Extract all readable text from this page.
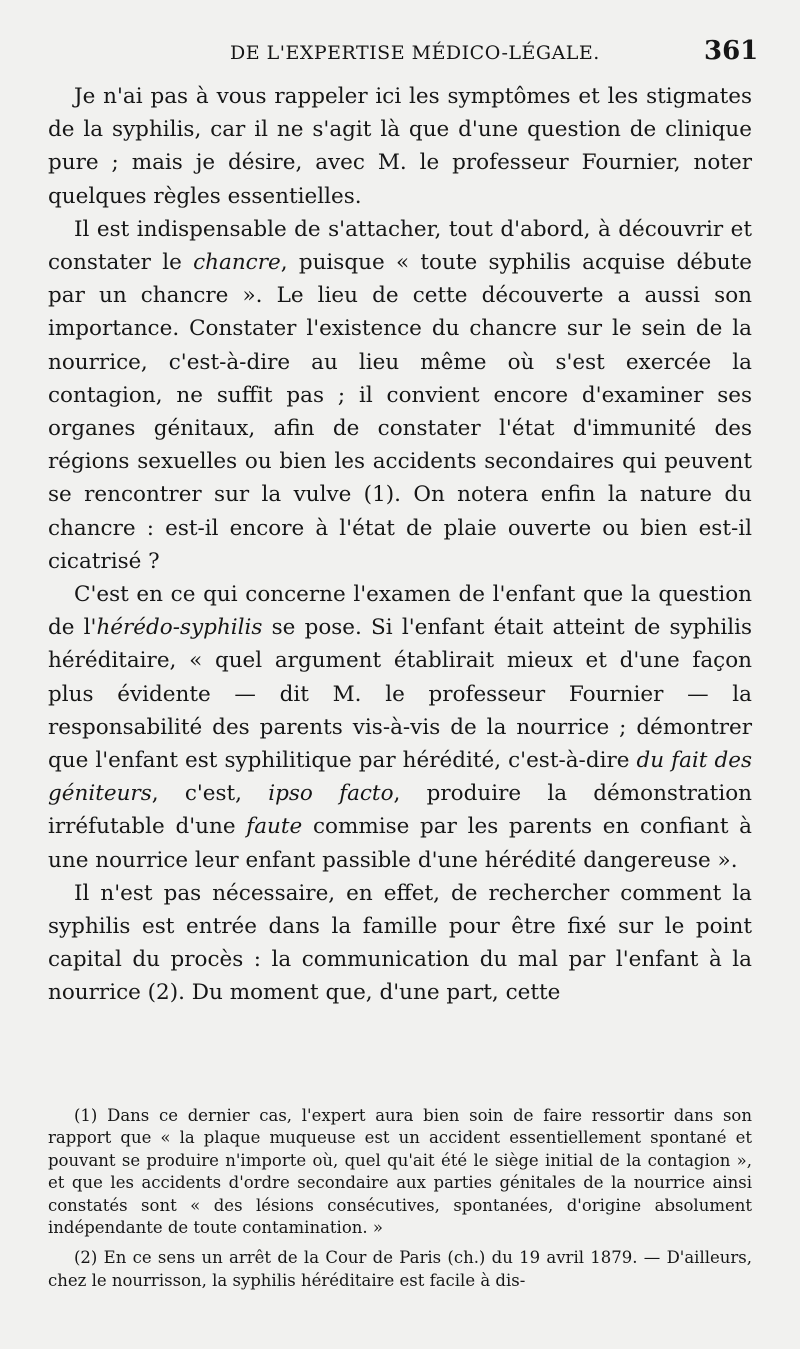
DE L'EXPERTISE MÉDICO-LÉGALE.	361

Je n'ai pas à vous rappeler ici les symptômes et les stigmates de la syphilis, car il ne s'agit là que d'une question de clinique pure ; mais je désire, avec M. le professeur Fournier, noter quelques règles essentielles.

Il est indispensable de s'attacher, tout d'abord, à découvrir et constater le chancre, puisque « toute syphilis acquise débute par un chancre ». Le lieu de cette découverte a aussi son importance. Constater l'existence du chancre sur le sein de la nourrice, c'est-à-dire au lieu même où s'est exercée la contagion, ne suffit pas ; il convient encore d'examiner ses organes génitaux, afin de constater l'état d'immunité des régions sexuelles ou bien les accidents secondaires qui peuvent se rencontrer sur la vulve (1). On notera enfin la nature du chancre : est-il encore à l'état de plaie ouverte ou bien est-il cicatrisé ?

C'est en ce qui concerne l'examen de l'enfant que la question de l'hérédo-syphilis se pose. Si l'enfant était atteint de syphilis héréditaire, « quel argument établirait mieux et d'une façon plus évidente — dit M. le professeur Fournier — la responsabilité des parents vis-à-vis de la nourrice ; démontrer que l'enfant est syphilitique par hérédité, c'est-à-dire du fait des géniteurs, c'est, ipso facto, produire la démonstration irréfutable d'une faute commise par les parents en confiant à une nourrice leur enfant passible d'une hérédité dangereuse ».

Il n'est pas nécessaire, en effet, de rechercher comment la syphilis est entrée dans la famille pour être fixé sur le point capital du procès : la communication du mal par l'enfant à la nourrice (2). Du moment que, d'une part, cette

(1) Dans ce dernier cas, l'expert aura bien soin de faire ressortir dans son rapport que « la plaque muqueuse est un accident essentiellement spontané et pouvant se produire n'importe où, quel qu'ait été le siège initial de la contagion », et que les accidents d'ordre secondaire aux parties génitales de la nourrice ainsi constatés sont « des lésions consécutives, spontanées, d'origine absolument indépendante de toute contamination. »

(2) En ce sens un arrêt de la Cour de Paris (ch.) du 19 avril 1879. — D'ailleurs, chez le nourrisson, la syphilis héréditaire est facile à dis-
